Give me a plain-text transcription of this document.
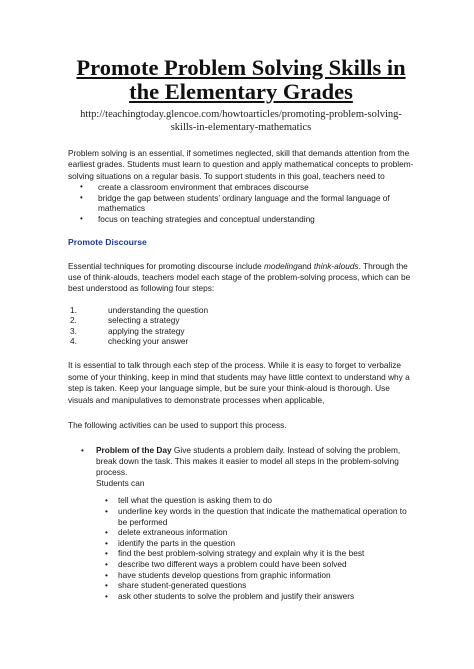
Promote Problem Solving Skills in the Elementary Grades
http://teachingtoday.glencoe.com/howtoarticles/promoting-problem-solving-skills-in-elementary-mathematics

Problem solving is an essential, if sometimes neglected, skill that demands attention from the earliest grades. Students must learn to question and apply mathematical concepts to problem-solving situations on a regular basis. To support students in this goal, teachers need to

• create a classroom environment that embraces discourse
• bridge the gap between students’ ordinary language and the formal language of mathematics
• focus on teaching strategies and conceptual understanding
Promote Discourse

Essential techniques for promoting discourse include modelingand think-alouds. Through the use of think-alouds, teachers model each stage of the problem-solving process, which can be best understood as following four steps:

1.	understanding the question
2.	selecting a strategy
3.	applying the strategy
4.	checking your answer

It is essential to talk through each step of the process. While it is easy to forget to verbalize some of your thinking, keep in mind that students may have little context to understand why a step is taken. Keep your language simple, but be sure your think-aloud is thorough. Use visuals and manipulatives to demonstrate processes when applicable,

The following activities can be used to support this process.

• Problem of the Day Give students a problem daily. Instead of solving the problem, break down the task. This makes it easier to model all steps in the problem-solving process.
Students can
• tell what the question is asking them to do
• underline key words in the question that indicate the mathematical operation to be performed
• delete extraneous information
• identify the parts in the question
• find the best problem-solving strategy and explain why it is the best
• describe two different ways a problem could have been solved
• have students develop questions from graphic information
• share student-generated questions
• ask other students to solve the problem and justify their answers
